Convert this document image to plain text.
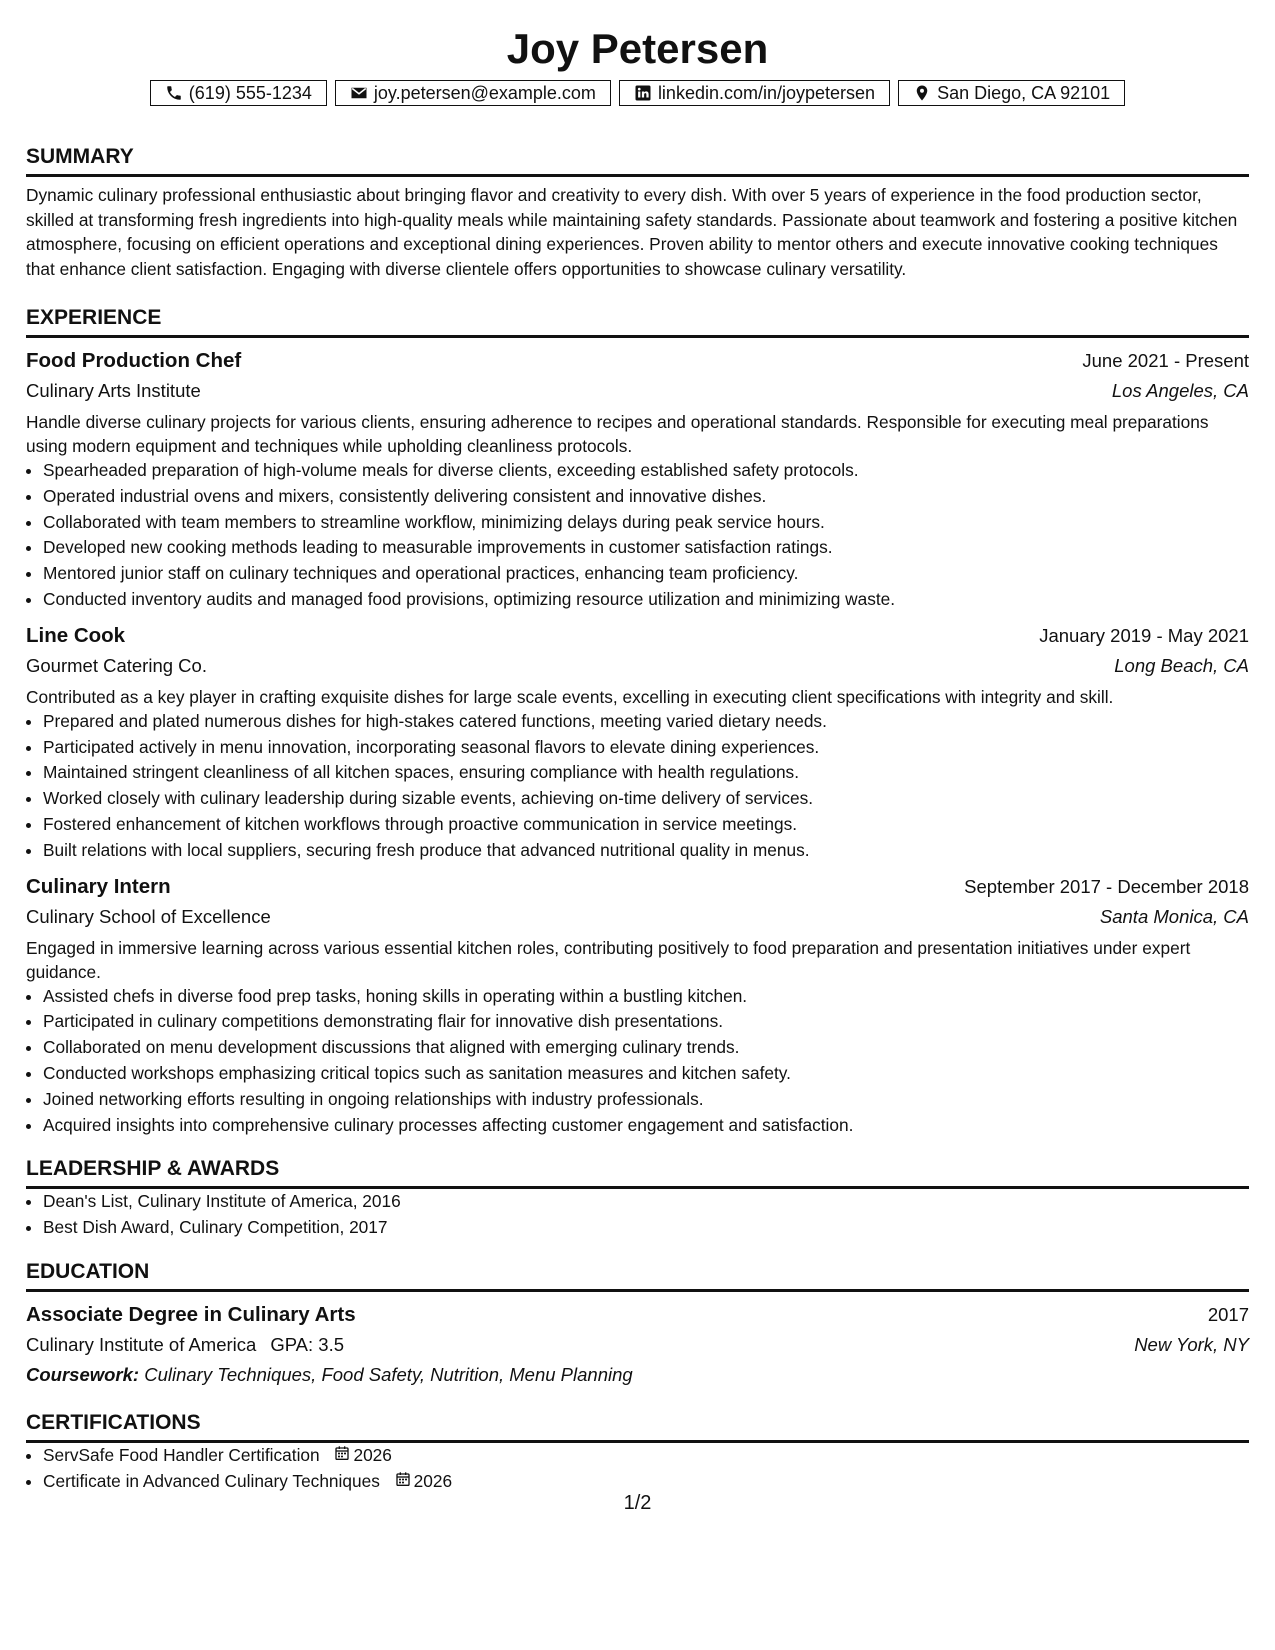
Joy Petersen
(619) 555-1234	joy.petersen@example.com	linkedin.com/in/joypetersen	San Diego, CA 92101
SUMMARY

Dynamic culinary professional enthusiastic about bringing flavor and creativity to every dish. With over 5 years of experience in the food production sector, skilled at transforming fresh ingredients into high-quality meals while maintaining safety standards. Passionate about teamwork and fostering a positive kitchen atmosphere, focusing on efficient operations and exceptional dining experiences. Proven ability to mentor others and execute innovative cooking techniques that enhance client satisfaction. Engaging with diverse clientele offers opportunities to showcase culinary versatility.

EXPERIENCE
Food Production Chef	June 2021 - Present
Culinary Arts Institute	Los Angeles, CA

Handle diverse culinary projects for various clients, ensuring adherence to recipes and operational standards. Responsible for executing meal preparations using modern equipment and techniques while upholding cleanliness protocols.

• Spearheaded preparation of high-volume meals for diverse clients, exceeding established safety protocols.
• Operated industrial ovens and mixers, consistently delivering consistent and innovative dishes.
• Collaborated with team members to streamline workflow, minimizing delays during peak service hours.
• Developed new cooking methods leading to measurable improvements in customer satisfaction ratings.
• Mentored junior staff on culinary techniques and operational practices, enhancing team proficiency.
• Conducted inventory audits and managed food provisions, optimizing resource utilization and minimizing waste.
Line Cook	January 2019 - May 2021
Gourmet Catering Co.	Long Beach, CA

Contributed as a key player in crafting exquisite dishes for large scale events, excelling in executing client specifications with integrity and skill.

• Prepared and plated numerous dishes for high-stakes catered functions, meeting varied dietary needs.
• Participated actively in menu innovation, incorporating seasonal flavors to elevate dining experiences.
• Maintained stringent cleanliness of all kitchen spaces, ensuring compliance with health regulations.
• Worked closely with culinary leadership during sizable events, achieving on-time delivery of services.
• Fostered enhancement of kitchen workflows through proactive communication in service meetings.
• Built relations with local suppliers, securing fresh produce that advanced nutritional quality in menus.
Culinary Intern	September 2017 - December 2018
Culinary School of Excellence	Santa Monica, CA

Engaged in immersive learning across various essential kitchen roles, contributing positively to food preparation and presentation initiatives under expert guidance.

• Assisted chefs in diverse food prep tasks, honing skills in operating within a bustling kitchen.
• Participated in culinary competitions demonstrating flair for innovative dish presentations.
• Collaborated on menu development discussions that aligned with emerging culinary trends.
• Conducted workshops emphasizing critical topics such as sanitation measures and kitchen safety.
• Joined networking efforts resulting in ongoing relationships with industry professionals.
• Acquired insights into comprehensive culinary processes affecting customer engagement and satisfaction.
LEADERSHIP & AWARDS
• Dean's List, Culinary Institute of America, 2016
• Best Dish Award, Culinary Competition, 2017
EDUCATION
Associate Degree in Culinary Arts	2017
Culinary Institute of America GPA: 3.5	New York, NY
Coursework: Culinary Techniques, Food Safety, Nutrition, Menu Planning
CERTIFICATIONS
• ServSafe Food Handler Certification 2026
• Certificate in Advanced Culinary Techniques 2026
1/2
